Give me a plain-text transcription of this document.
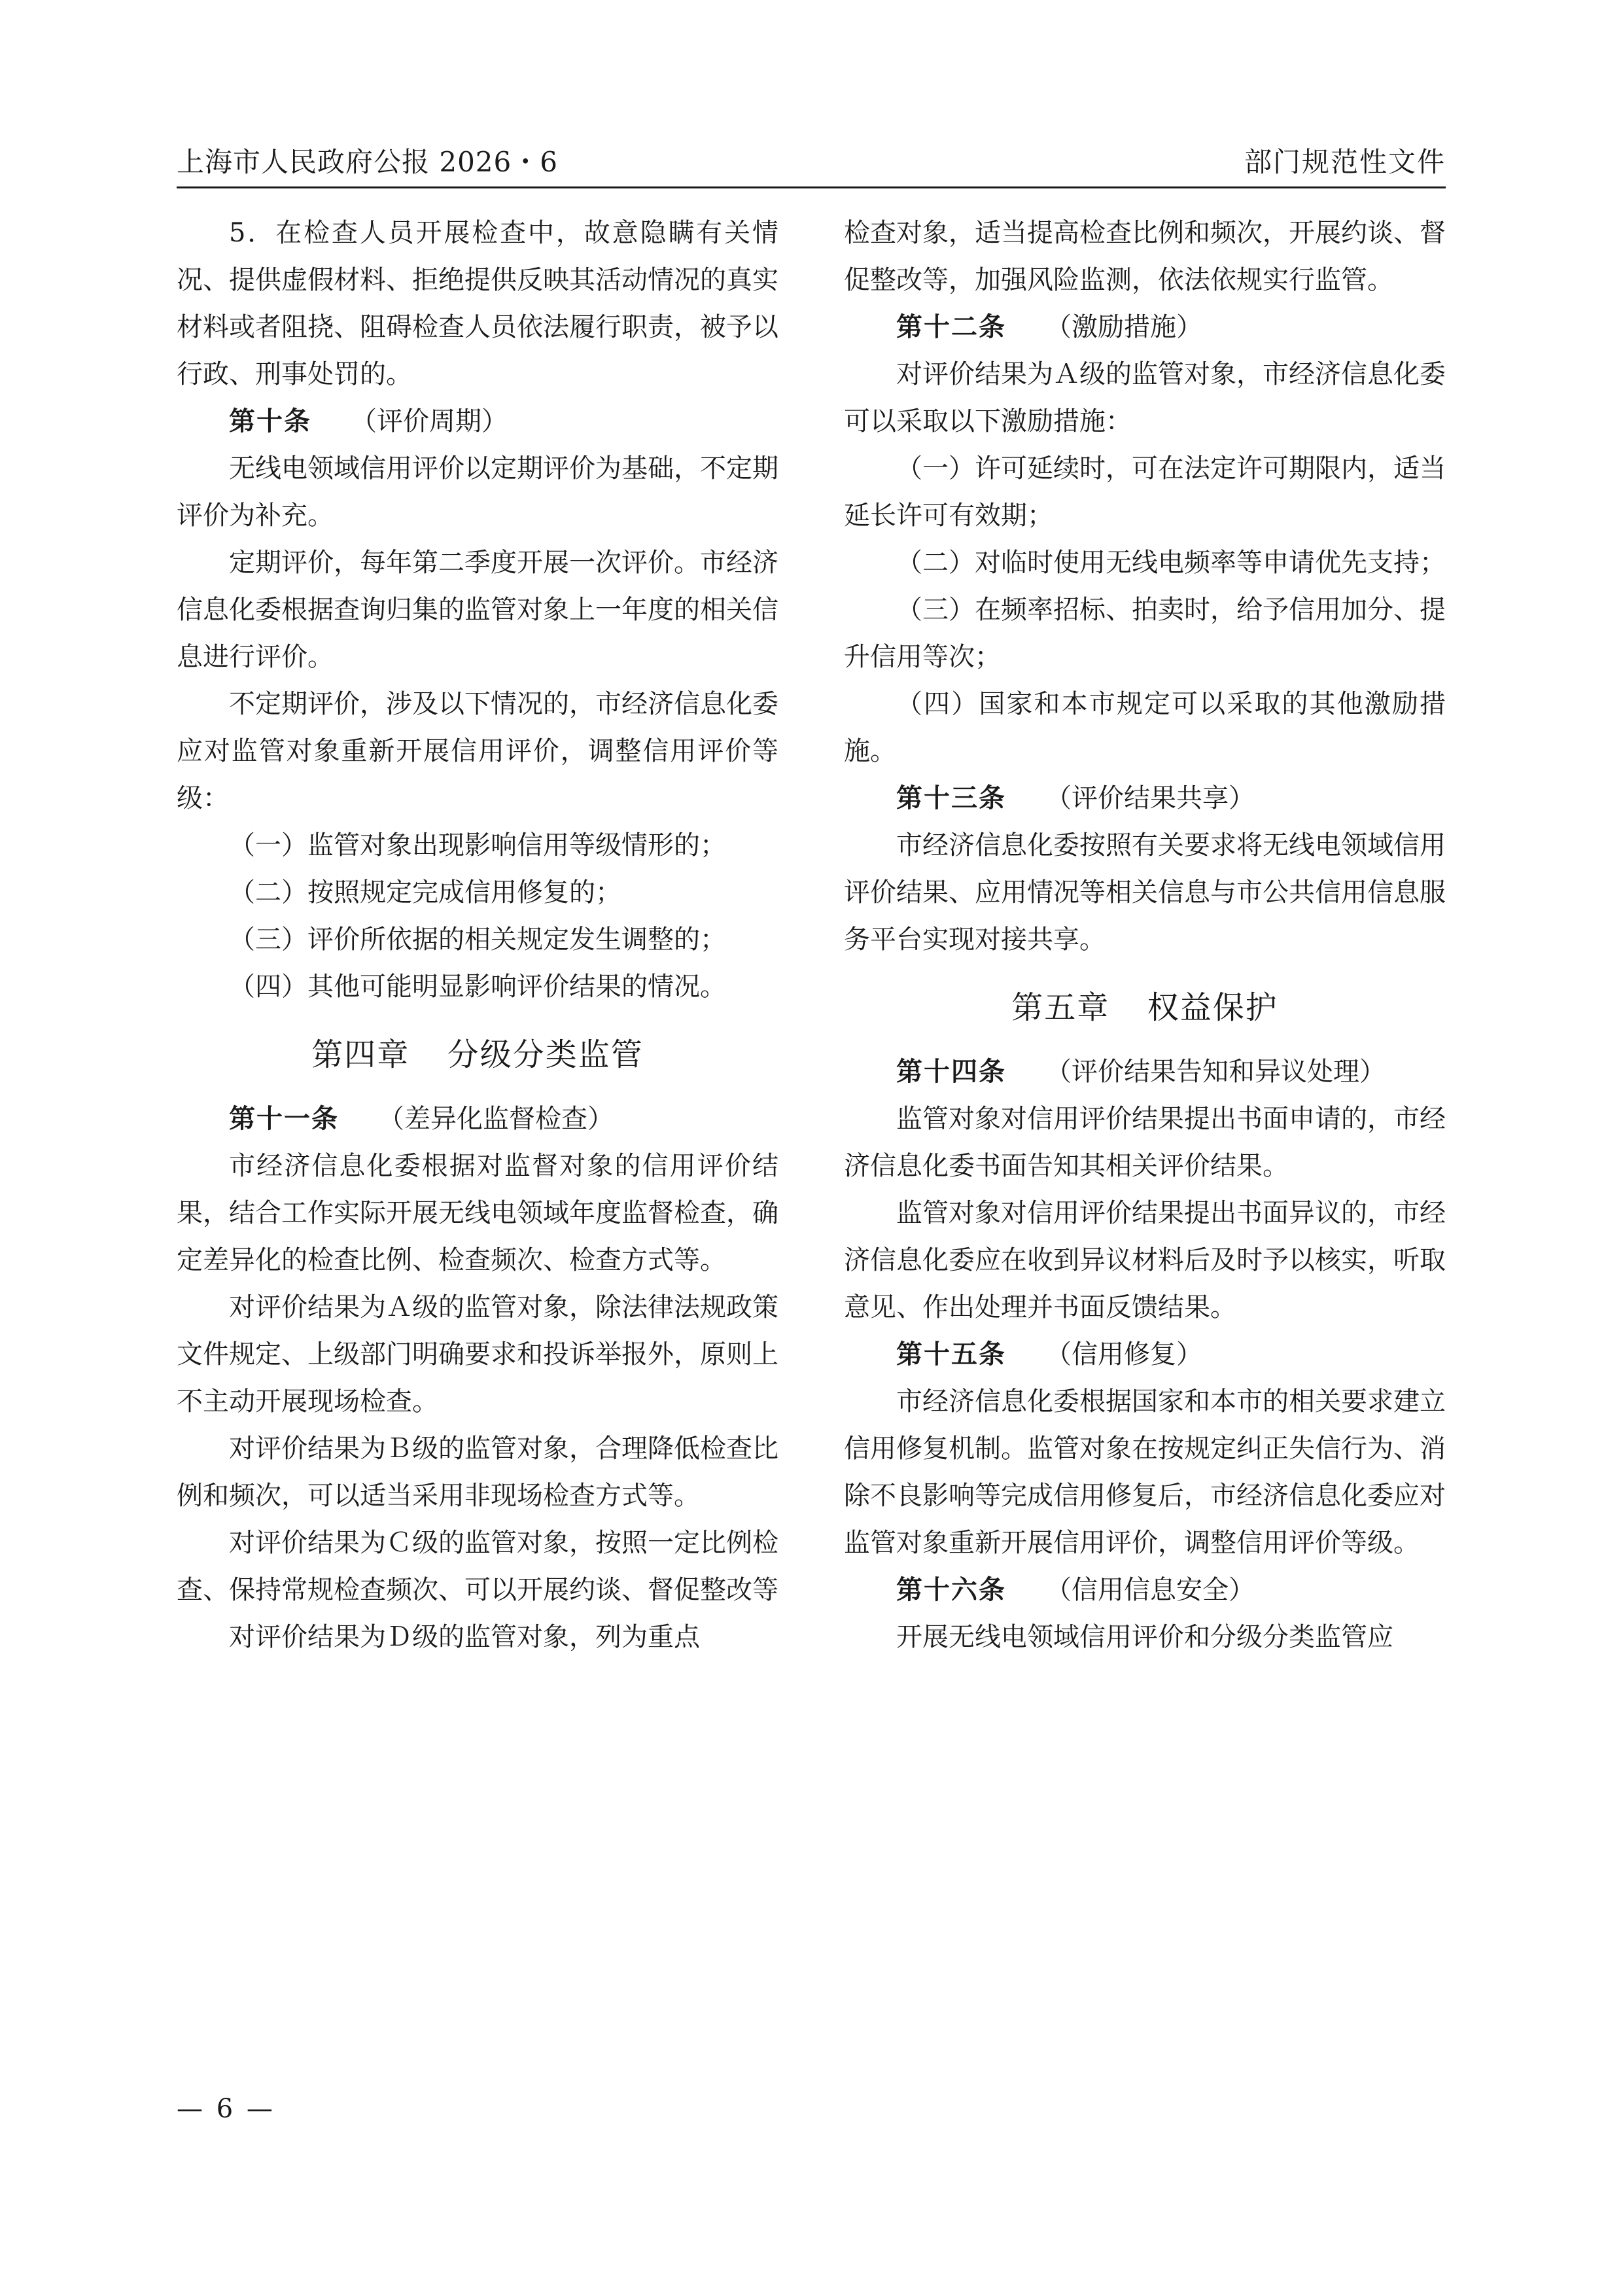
上海市人民政府公报 2026・6	部门规范性文件

5．在检查人员开展检查中，故意隐瞒有关情况、提供虚假材料、拒绝提供反映其活动情况的真实材料或者阻挠、阻碍检查人员依法履行职责，被予以行政、刑事处罚的。

第十条 （评价周期）

无线电领域信用评价以定期评价为基础，不定期评价为补充。

定期评价，每年第二季度开展一次评价。市经济信息化委根据查询归集的监管对象上一年度的相关信息进行评价。

不定期评价，涉及以下情况的，市经济信息化委应对监管对象重新开展信用评价，调整信用评价等级：

（一）监管对象出现影响信用等级情形的；

（二）按照规定完成信用修复的；

（三）评价所依据的相关规定发生调整的；

（四）其他可能明显影响评价结果的情况。

第四章 分级分类监管

第十一条 （差异化监督检查）

市经济信息化委根据对监督对象的信用评价结果，结合工作实际开展无线电领域年度监督检查，确定差异化的检查比例、检查频次、检查方式等。

对评价结果为Ａ级的监管对象，除法律法规政策文件规定、上级部门明确要求和投诉举报外，原则上不主动开展现场检查。

对评价结果为Ｂ级的监管对象，合理降低检查比例和频次，可以适当采用非现场检查方式等。

对评价结果为Ｃ级的监管对象，按照一定比例检查、保持常规检查频次、可以开展约谈、督促整改等

对评价结果为Ｄ级的监管对象，列为重点

检查对象，适当提高检查比例和频次，开展约谈、督促整改等，加强风险监测，依法依规实行监管。

第十二条 （激励措施）

对评价结果为Ａ级的监管对象，市经济信息化委可以采取以下激励措施：

（一）许可延续时，可在法定许可期限内，适当延长许可有效期；

（二）对临时使用无线电频率等申请优先支持；

（三）在频率招标、拍卖时，给予信用加分、提升信用等次；

（四）国家和本市规定可以采取的其他激励措施。

第十三条 （评价结果共享）

市经济信息化委按照有关要求将无线电领域信用评价结果、应用情况等相关信息与市公共信用信息服务平台实现对接共享。

第五章 权益保护

第十四条 （评价结果告知和异议处理）

监管对象对信用评价结果提出书面申请的，市经济信息化委书面告知其相关评价结果。

监管对象对信用评价结果提出书面异议的，市经济信息化委应在收到异议材料后及时予以核实，听取意见、作出处理并书面反馈结果。

第十五条 （信用修复）

市经济信息化委根据国家和本市的相关要求建立信用修复机制。监管对象在按规定纠正失信行为、消除不良影响等完成信用修复后，市经济信息化委应对监管对象重新开展信用评价，调整信用评价等级。

第十六条 （信用信息安全）

开展无线电领域信用评价和分级分类监管应

— 6 —
